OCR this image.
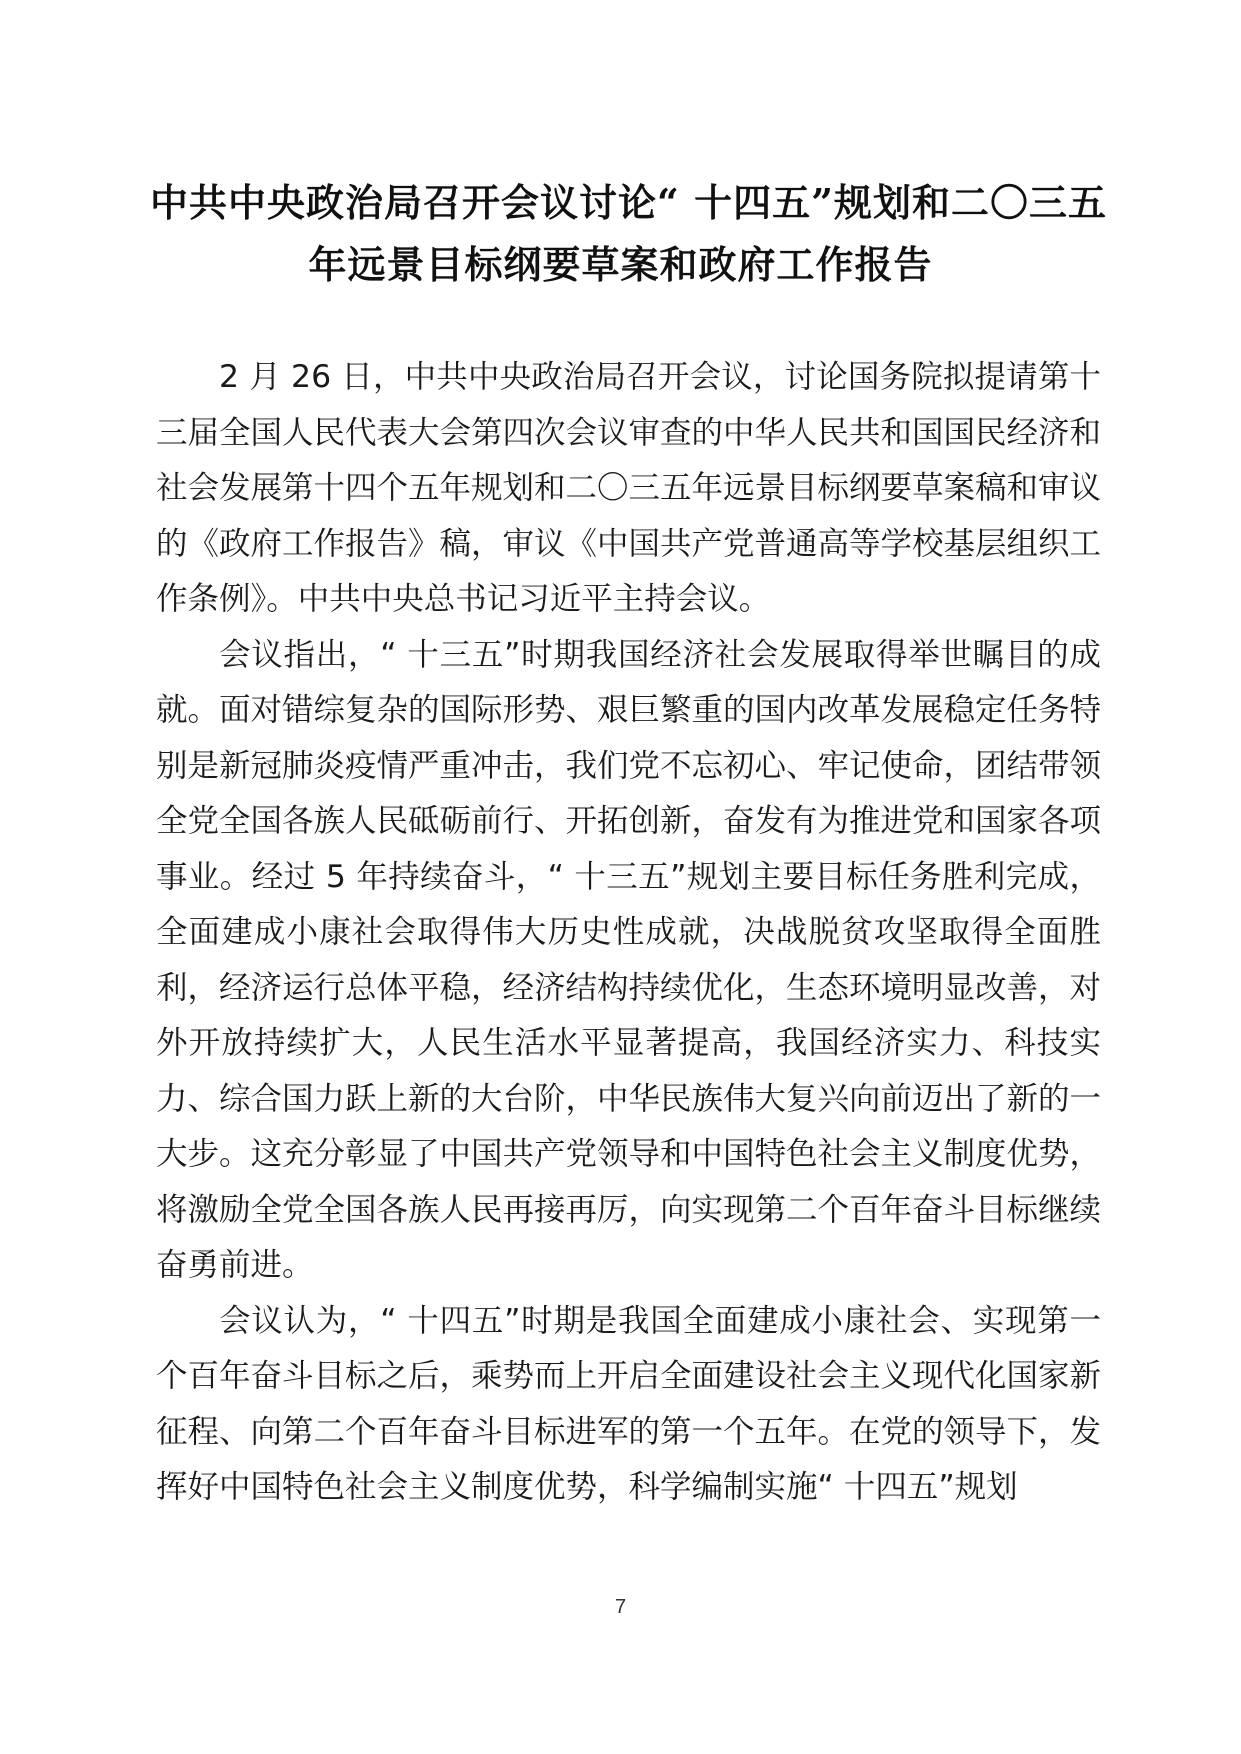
中共中央政治局召开会议讨论“ 十四五”规划和二〇三五
年远景目标纲要草案和政府工作报告

2 月 26 日，中共中央政治局召开会议，讨论国务院拟提请第十三届全国人民代表大会第四次会议审查的中华人民共和国国民经济和社会发展第十四个五年规划和二〇三五年远景目标纲要草案稿和审议的《政府工作报告》稿，审议《中国共产党普通高等学校基层组织工作条例》。中共中央总书记习近平主持会议。

会议指出，“ 十三五”时期我国经济社会发展取得举世瞩目的成就。面对错综复杂的国际形势、艰巨繁重的国内改革发展稳定任务特别是新冠肺炎疫情严重冲击，我们党不忘初心、牢记使命，团结带领全党全国各族人民砥砺前行、开拓创新，奋发有为推进党和国家各项事业。经过 5 年持续奋斗，“ 十三五”规划主要目标任务胜利完成，全面建成小康社会取得伟大历史性成就，决战脱贫攻坚取得全面胜利，经济运行总体平稳，经济结构持续优化，生态环境明显改善，对外开放持续扩大，人民生活水平显著提高，我国经济实力、科技实力、综合国力跃上新的大台阶，中华民族伟大复兴向前迈出了新的一大步。这充分彰显了中国共产党领导和中国特色社会主义制度优势，将激励全党全国各族人民再接再厉，向实现第二个百年奋斗目标继续奋勇前进。

会议认为，“ 十四五”时期是我国全面建成小康社会、实现第一个百年奋斗目标之后，乘势而上开启全面建设社会主义现代化国家新征程、向第二个百年奋斗目标进军的第一个五年。在党的领导下，发挥好中国特色社会主义制度优势，科学编制实施“ 十四五”规划

7
